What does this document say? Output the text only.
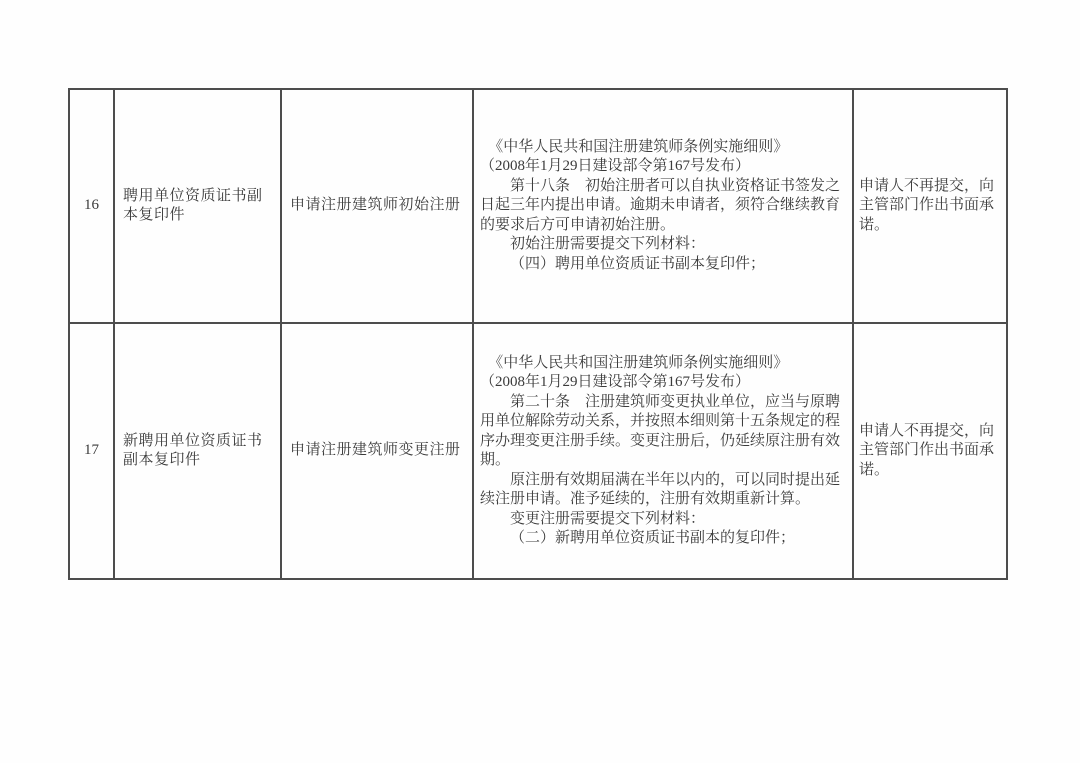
16	聘用单位资质证书副本复印件	申请注册建筑师初始注册	《中华人民共和国注册建筑师条例实施细则》

（2008年1月29日建设部令第167号发布）

第十八条　初始注册者可以自执业资格证书签发之日起三年内提出申请。逾期未申请者，须符合继续教育的要求后方可申请初始注册。

初始注册需要提交下列材料：

（四）聘用单位资质证书副本复印件；	申请人不再提交，向主管部门作出书面承诺。
17	新聘用单位资质证书副本复印件	申请注册建筑师变更注册	

《中华人民共和国注册建筑师条例实施细则》

（2008年1月29日建设部令第167号发布）

第二十条　注册建筑师变更执业单位，应当与原聘用单位解除劳动关系，并按照本细则第十五条规定的程序办理变更注册手续。变更注册后，仍延续原注册有效期。

原注册有效期届满在半年以内的，可以同时提出延续注册申请。准予延续的，注册有效期重新计算。

变更注册需要提交下列材料：

（二）新聘用单位资质证书副本的复印件；

	申请人不再提交，向主管部门作出书面承诺。
